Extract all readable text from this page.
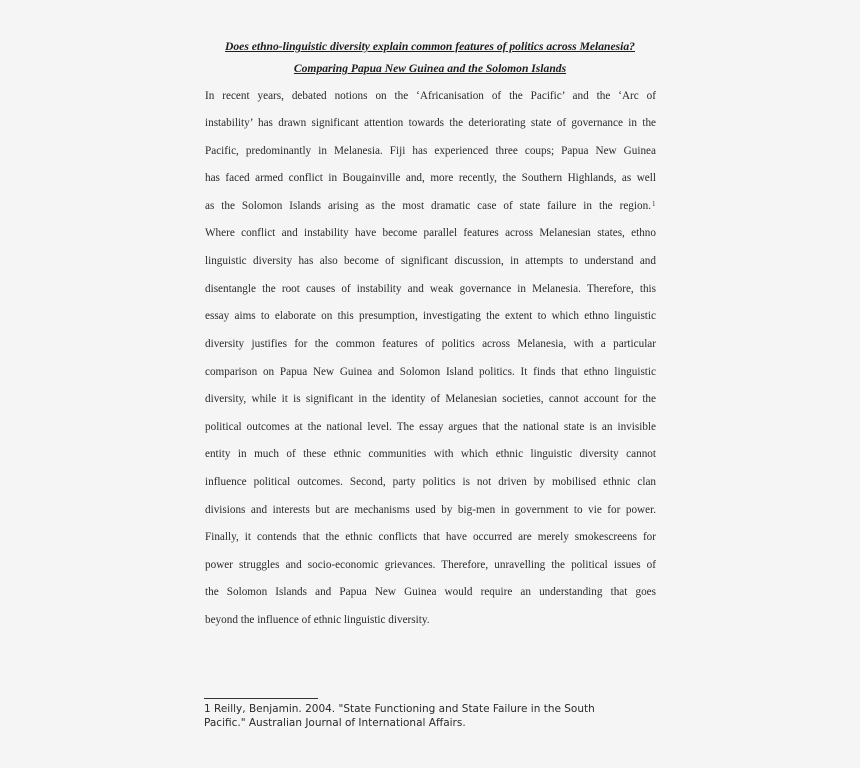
Does ethno-linguistic diversity explain common features of politics across Melanesia?
Comparing Papua New Guinea and the Solomon Islands
In recent years, debated notions on the ‘Africanisation of the Pacific’ and the ‘Arc of
instability’ has drawn significant attention towards the deteriorating state of governance in the
Pacific, predominantly in Melanesia. Fiji has experienced three coups; Papua New Guinea
has faced armed conflict in Bougainville and, more recently, the Southern Highlands, as well
as the Solomon Islands arising as the most dramatic case of state failure in the region. 1
Where conflict and instability have become parallel features across Melanesian states, ethno
linguistic diversity has also become of significant discussion, in attempts to understand and
disentangle the root causes of instability and weak governance in Melanesia. Therefore, this
essay aims to elaborate on this presumption, investigating the extent to which ethno linguistic
diversity justifies for the common features of politics across Melanesia, with a particular
comparison on Papua New Guinea and Solomon Island politics. It finds that ethno linguistic
diversity, while it is significant in the identity of Melanesian societies, cannot account for the
political outcomes at the national level. The essay argues that the national state is an invisible
entity in much of these ethnic communities with which ethnic linguistic diversity cannot
influence political outcomes. Second, party politics is not driven by mobilised ethnic clan
divisions and interests but are mechanisms used by big-men in government to vie for power.
Finally, it contends that the ethnic conflicts that have occurred are merely smokescreens for
power struggles and socio-economic grievances. Therefore, unravelling the political issues of
the Solomon Islands and Papua New Guinea would require an understanding that goes
beyond the influence of ethnic linguistic diversity.
1 Reilly, Benjamin. 2004. "State Functioning and State Failure in the South
Pacific." Australian Journal of International Affairs.
